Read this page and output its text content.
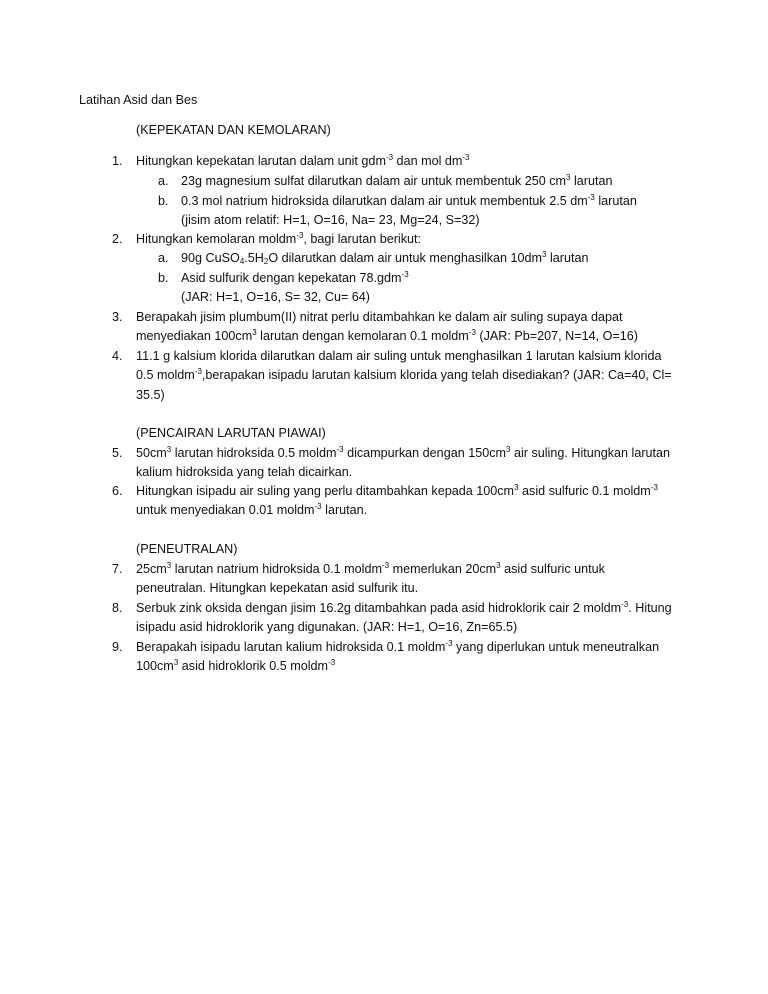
Latihan Asid dan Bes
(KEPEKATAN DAN KEMOLARAN)
1. Hitungkan kepekatan larutan dalam unit gdm$^{-3}$ dan mol $dm^{-3}$
a. 23g magnesium sulfat dilarutkan dalam air untuk membentuk 250 $cm^3$ larutan
b. 0.3 mol natrium hidroksida dilarutkan dalam air untuk membentuk 2.5 $dm^{-3}$ larutan
(jisim atom relatif: H=1, O=16, Na= 23, Mg=24, S=32)
2. Hitungkan kemolaran moldm$^{-3}$, bagi larutan berikut:
a. 90g $CuSO_4.5H_2O$ dilarutkan dalam air untuk menghasilkan $10dm^3$ larutan
b. Asid sulfurik dengan kepekatan 78.gdm$^{-3}$
(JAR: H=1, O=16, S= 32, Cu= 64)
3. Berapakah jisim plumbum(II) nitrat perlu ditambahkan ke dalam air suling supaya dapat
menyediakan $100cm^3$ larutan dengan kemolaran 0.1 moldm$^{-3}$ (JAR: Pb=207, N=14, O=16)
4. 11.1 g kalsium klorida dilarutkan dalam air suling untuk menghasilkan 1 larutan kalsium klorida
0.5 moldm$^{-3}$,berapakan isipadu larutan kalsium klorida yang telah disediakan? (JAR: Ca=40, Cl=
35.5)
(PENCAIRAN LARUTAN PIAWAI)
5. $50cm^3$ larutan hidroksida 0.5 moldm$^{-3}$ dicampurkan dengan $150cm^3$ air suling. Hitungkan larutan
kalium hidroksida yang telah dicairkan.
6. Hitungkan isipadu air suling yang perlu ditambahkan kepada $100cm^3$ asid sulfuric 0.1 moldm$^{-3}$
untuk menyediakan 0.01 moldm$^{-3}$ larutan.
(PENEUTRALAN)
7. $25cm^3$ larutan natrium hidroksida 0.1 moldm$^{-3}$ memerlukan $20cm^3$ asid sulfuric untuk
peneutralan. Hitungkan kepekatan asid sulfurik itu.
8. Serbuk zink oksida dengan jisim 16.2g ditambahkan pada asid hidroklorik cair 2 moldm$^{-3}$. Hitung
isipadu asid hidroklorik yang digunakan. (JAR: H=1, O=16, Zn=65.5)
9. Berapakah isipadu larutan kalium hidroksida 0.1 moldm$^{-3}$ yang diperlukan untuk meneutralkan
$100cm^3$ asid hidroklorik 0.5 moldm$^{-3}$
